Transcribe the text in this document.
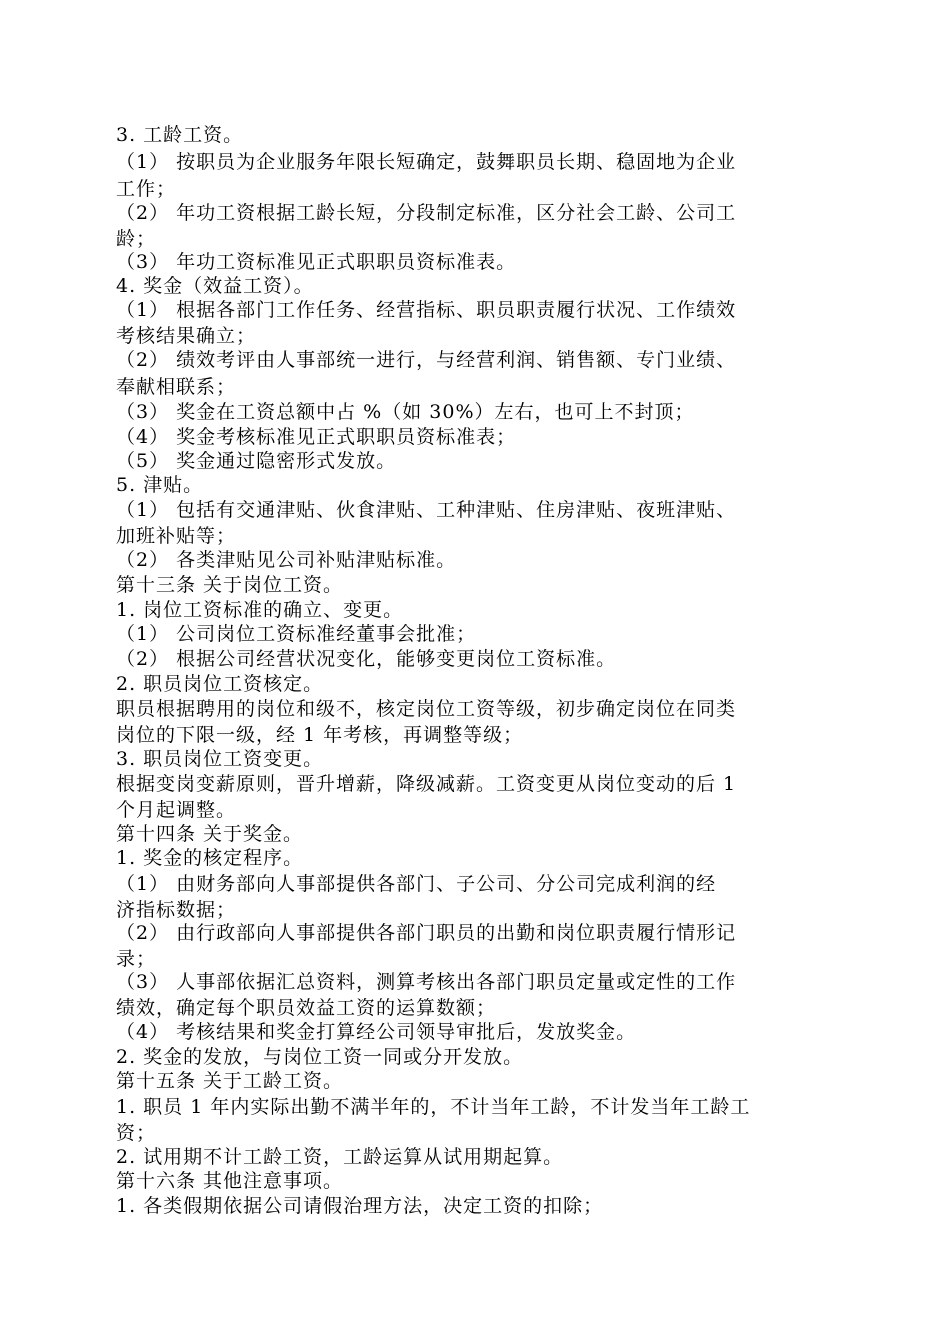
3. 工龄工资。
（1） 按职员为企业服务年限长短确定，鼓舞职员长期、稳固地为企业
工作；
（2） 年功工资根据工龄长短，分段制定标准，区分社会工龄、公司工
龄；
（3） 年功工资标准见正式职职员资标准表。
4. 奖金（效益工资）。
（1） 根据各部门工作任务、经营指标、职员职责履行状况、工作绩效
考核结果确立；
（2） 绩效考评由人事部统一进行，与经营利润、销售额、专门业绩、
奉献相联系；
（3） 奖金在工资总额中占 %（如 30%）左右，也可上不封顶；
（4） 奖金考核标准见正式职职员资标准表；
（5） 奖金通过隐密形式发放。
5. 津贴。
（1） 包括有交通津贴、伙食津贴、工种津贴、住房津贴、夜班津贴、
加班补贴等；
（2） 各类津贴见公司补贴津贴标准。
第十三条 关于岗位工资。
1. 岗位工资标准的确立、变更。
（1） 公司岗位工资标准经董事会批准；
（2） 根据公司经营状况变化，能够变更岗位工资标准。
2. 职员岗位工资核定。
职员根据聘用的岗位和级不，核定岗位工资等级，初步确定岗位在同类
岗位的下限一级，经 1 年考核，再调整等级；
3. 职员岗位工资变更。
根据变岗变薪原则，晋升增薪，降级减薪。工资变更从岗位变动的后 1
个月起调整。
第十四条 关于奖金。
1. 奖金的核定程序。
（1） 由财务部向人事部提供各部门、子公司、分公司完成利润的经
济指标数据；
（2） 由行政部向人事部提供各部门职员的出勤和岗位职责履行情形记
录；
（3） 人事部依据汇总资料，测算考核出各部门职员定量或定性的工作
绩效，确定每个职员效益工资的运算数额；
（4） 考核结果和奖金打算经公司领导审批后，发放奖金。
2. 奖金的发放，与岗位工资一同或分开发放。
第十五条 关于工龄工资。
1. 职员 1 年内实际出勤不满半年的，不计当年工龄，不计发当年工龄工
资；
2. 试用期不计工龄工资，工龄运算从试用期起算。
第十六条 其他注意事项。
1. 各类假期依据公司请假治理方法，决定工资的扣除；
